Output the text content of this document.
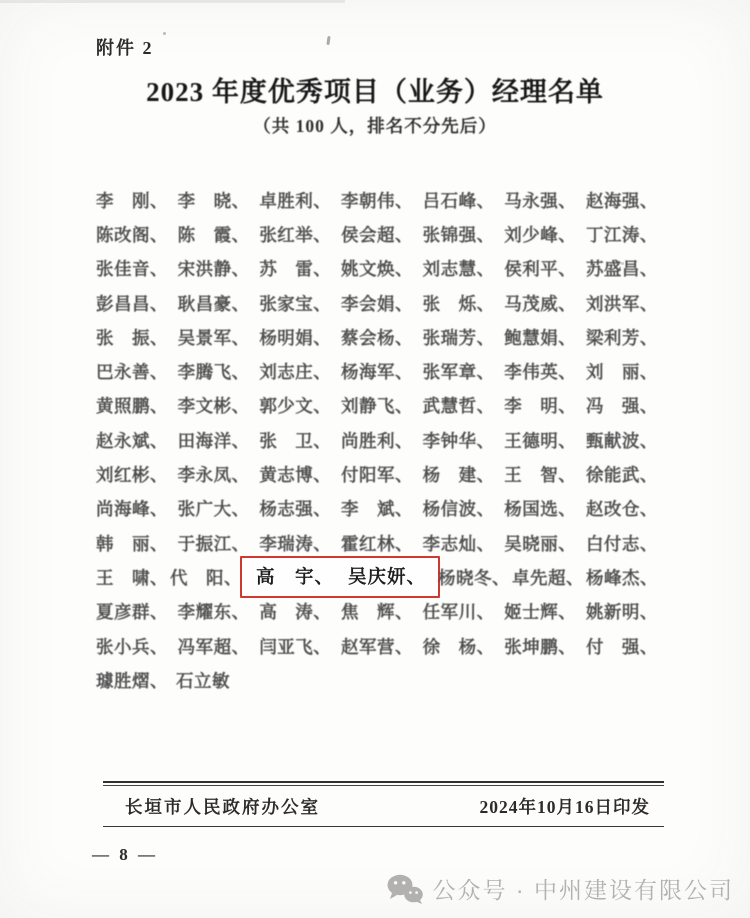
附件 2
2023 年度优秀项目（业务）经理名单
（共 100 人，排名不分先后）
李　刚、 李　晓、 卓胜利、 李朝伟、 吕石峰、 马永强、 赵海强、
陈改阁、 陈　霞、 张红举、 侯会超、 张锦强、 刘少峰、 丁江涛、
张佳音、 宋洪静、 苏　雷、 姚文焕、 刘志慧、 侯利平、 苏盛昌、
彭昌昌、 耿昌豪、 张家宝、 李会娟、 张　烁、 马茂威、 刘洪军、
张　振、 吴景军、 杨明娟、 蔡会杨、 张瑞芳、 鲍慧娟、 梁利芳、
巴永善、 李腾飞、 刘志庄、 杨海军、 张军章、 李伟英、 刘　丽、
黄照鹏、 李文彬、 郭少文、 刘静飞、 武慧哲、 李　明、 冯　强、
赵永斌、 田海洋、 张　卫、 尚胜利、 李钟华、 王德明、 甄献波、
刘红彬、 李永凤、 黄志博、 付阳军、 杨　建、 王　智、 徐能武、
尚海峰、 张广大、 杨志强、 李　斌、 杨信波、 杨国选、 赵改仓、
韩　丽、 于振江、 李瑞涛、 霍红林、 李志灿、 吴晓丽、 白付志、
王　啸、 代　阳、 高　宇、 吴庆妍、 杨晓冬、 卓先超、 杨峰杰、
夏彦群、 李耀东、 高　涛、 焦　辉、 任军川、 姬士辉、 姚新明、
张小兵、 冯军超、 闫亚飞、 赵军营、 徐　杨、 张坤鹏、 付　强、
璩胜熠、 石立敏
长垣市人民政府办公室	2024年10月16日印发
— 8 —
公众号 · 中州建设有限公司
